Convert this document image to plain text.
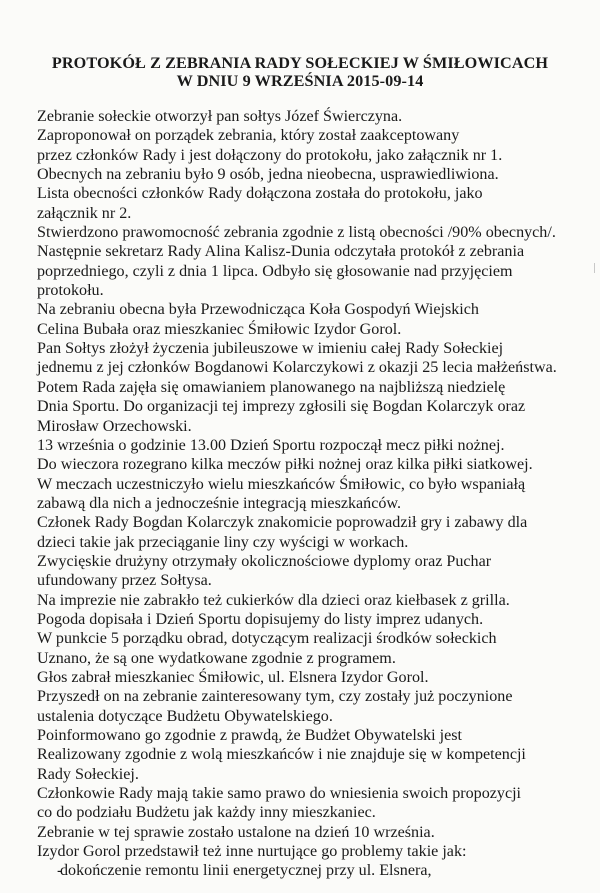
PROTOKÓŁ Z ZEBRANIA RADY SOŁECKIEJ W ŚMIŁOWICACH
W DNIU 9 WRZEŚNIA 2015-09-14
Zebranie sołeckie otworzył pan sołtys Józef Świerczyna.
Zaproponował on porządek zebrania, który został zaakceptowany
przez członków Rady i jest dołączony do protokołu, jako załącznik nr 1.
Obecnych na zebraniu było 9 osób, jedna nieobecna, usprawiedliwiona.
Lista obecności członków Rady dołączona została do protokołu, jako
załącznik nr 2.
Stwierdzono prawomocność zebrania zgodnie z listą obecności /90% obecnych/.
Następnie sekretarz Rady Alina Kalisz-Dunia odczytała protokół z zebrania
poprzedniego, czyli z dnia 1 lipca. Odbyło się głosowanie nad przyjęciem
protokołu.
Na zebraniu obecna była Przewodnicząca Koła Gospodyń Wiejskich
Celina Bubała oraz mieszkaniec Śmiłowic Izydor Gorol.
Pan Sołtys złożył życzenia jubileuszowe w imieniu całej Rady Sołeckiej
jednemu z jej członków Bogdanowi Kolarczykowi z okazji 25 lecia małżeństwa.
Potem Rada zajęła się omawianiem planowanego na najbliższą niedzielę
Dnia Sportu. Do organizacji tej imprezy zgłosili się Bogdan Kolarczyk oraz
Mirosław Orzechowski.
13 września o godzinie 13.00 Dzień Sportu rozpoczął mecz piłki nożnej.
Do wieczora rozegrano kilka meczów piłki nożnej oraz kilka piłki siatkowej.
W meczach uczestniczyło wielu mieszkańców Śmiłowic, co było wspaniałą
zabawą dla nich a jednocześnie integracją mieszkańców.
Członek Rady Bogdan Kolarczyk znakomicie poprowadził gry i zabawy dla
dzieci takie jak przeciąganie liny czy wyścigi w workach.
Zwycięskie drużyny otrzymały okolicznościowe dyplomy oraz Puchar
ufundowany przez Sołtysa.
Na imprezie nie zabrakło też cukierków dla dzieci oraz kiełbasek z grilla.
Pogoda dopisała i Dzień Sportu dopisujemy do listy imprez udanych.
W punkcie 5 porządku obrad, dotyczącym realizacji środków sołeckich
Uznano, że są one wydatkowane zgodnie z programem.
Głos zabrał mieszkaniec Śmiłowic, ul. Elsnera Izydor Gorol.
Przyszedł on na zebranie zainteresowany tym, czy zostały już poczynione
ustalenia dotyczące Budżetu Obywatelskiego.
Poinformowano go zgodnie z prawdą, że Budżet Obywatelski jest
Realizowany zgodnie z wolą mieszkańców i nie znajduje się w kompetencji
Rady Sołeckiej.
Członkowie Rady mają takie samo prawo do wniesienia swoich propozycji
co do podziału Budżetu jak każdy inny mieszkaniec.
Zebranie w tej sprawie zostało ustalone na dzień 10 września.
Izydor Gorol przedstawił też inne nurtujące go problemy takie jak:
- dokończenie remontu linii energetycznej przy ul. Elsnera,
